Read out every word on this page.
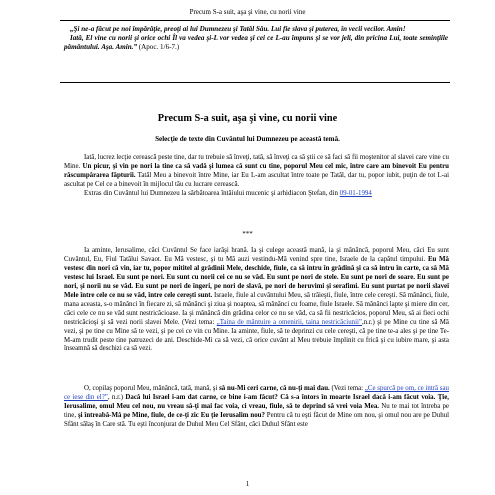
Precum S-a suit, aşa şi vine, cu norii vine

„Şi ne-a făcut pe noi împărăţie, preoţi ai lui Dumnezeu şi Tatăl Său. Lui fie slava şi puterea, în vecii vecilor. Amin!

Iată, El vine cu norii şi orice ochi Îl va vedea şi-L vor vedea şi cei ce L-au împuns şi se vor jeli, din pricina Lui, toate seminţiile pământului. Aşa. Amin.” (Apoc. 1/6-7.)

Precum S-a suit, aşa şi vine, cu norii vine
Selecţie de texte din Cuvântul lui Dumnezeu pe această temă.

Iată, lucrez lecţie cerească peste tine, dar tu trebuie să înveţi, tată, să înveţi ca să ştii ce să faci să fii moştenitor al slavei care vine cu Mine. Un picur, şi vin pe nori la tine ca să vadă şi lumea că sunt cu tine, poporul Meu cel mic, între care am binevoit Eu pentru răscumpărarea făpturii. Tatăl Meu a binevoit între Mine, iar Eu L-am ascultat între toate pe Tatăl, dar tu, popor iubit, puţin de tot L-ai ascultat pe Cel ce a binevoit în mijlocul tău cu lucrare cerească.

Extras din Cuvântul lui Dumnezeu la sărbătoarea întâiului mucenic şi arhidiacon Ştefan, din 09-01-1994

***

Ia aminte, Ierusalime, căci Cuvântul Se face iarăşi hrană. Ia şi culege această mană, ia şi mănâncă, poporul Meu, căci Eu sunt Cuvântul, Eu, Fiul Tatălui Savaot. Eu Mă vestesc, şi tu Mă auzi vestindu-Mă venind spre tine, Israele de la capătul timpului. Eu Mă vestesc din nori că vin, iar tu, popor mititel al grădinii Mele, deschide, fiule, ca să intru în grădină şi ca să intru în carte, ca să Mă vestesc lui Israel. Eu sunt pe nori. Eu sunt cu norii cei ce nu se văd. Eu sunt pe nori de stele. Eu sunt pe nori de soare. Eu sunt pe nori, şi norii nu se văd. Eu sunt pe nori de îngeri, pe nori de slavă, pe nori de heruvimi şi serafimi. Eu sunt purtat pe norii slavei Mele între cele ce nu se văd, între cele cereşti sunt. Israele, fiule al cuvântului Meu, să trăieşti, fiule, între cele cereşti. Să mănânci, fiule, mana aceasta, s-o mănânci în fiecare zi, să mănânci şi ziua şi noaptea, să mănânci cu foame, fiule Israele. Să mănânci lapte şi miere din cer, căci cele ce nu se văd sunt nestricăcioase. Ia şi mănâncă din grădina celor ce nu se văd, ca să fii nestricăcios, poporul Meu, să ai fieci ochi nestricăcioşi şi să vezi norii slavei Mele. (Vezi tema: „Taina de mântuire a omenirii, taina nestricăciunii”,n.r.) şi pe Mine cu tine să Mă vezi, şi pe tine cu Mine să te vezi, şi pe cei ce vin cu Mine. Ia aminte, fiule, să te deprinzi cu cele cereşti, că pe tine te-a ales şi pe tine Te-M-am trudit peste tine patruzeci de ani. Deschide-Mi ca să vezi, că orice cuvânt al Meu trebuie împlinit cu frică şi cu iubire mare, şi asta înseamnă să deschizi ca să vezi.

O, copilaş poporul Meu, mănâncă, tată, mană, şi să nu-Mi ceri carne, că nu-ţi mai dau. (Vezi tema: „Ce spurcă pe om, ce intră sau ce iese din el?”, n.r.) Dacă lui Israel i-am dat carne, ce bine i-am făcut? Că s-a întors în moarte Israel dacă i-am făcut voia. Ţie, Ierusalime, omul Meu cel nou, nu vreau să-ţi mai fac voia, ci vreau, fiule, să te deprind să vrei voia Mea. Nu te mai tot întreba pe tine, şi întreabă-Mă pe Mine, fiule, de ce-ţi zic Eu ţie Ierusalim nou? Pentru că tu eşti făcut de Mine om nou, şi omul nou are pe Duhul Sfânt sălaş în Care stă. Tu eşti înconjurat de Duhul Meu Cel Sfânt, căci Duhul Sfânt este

1
